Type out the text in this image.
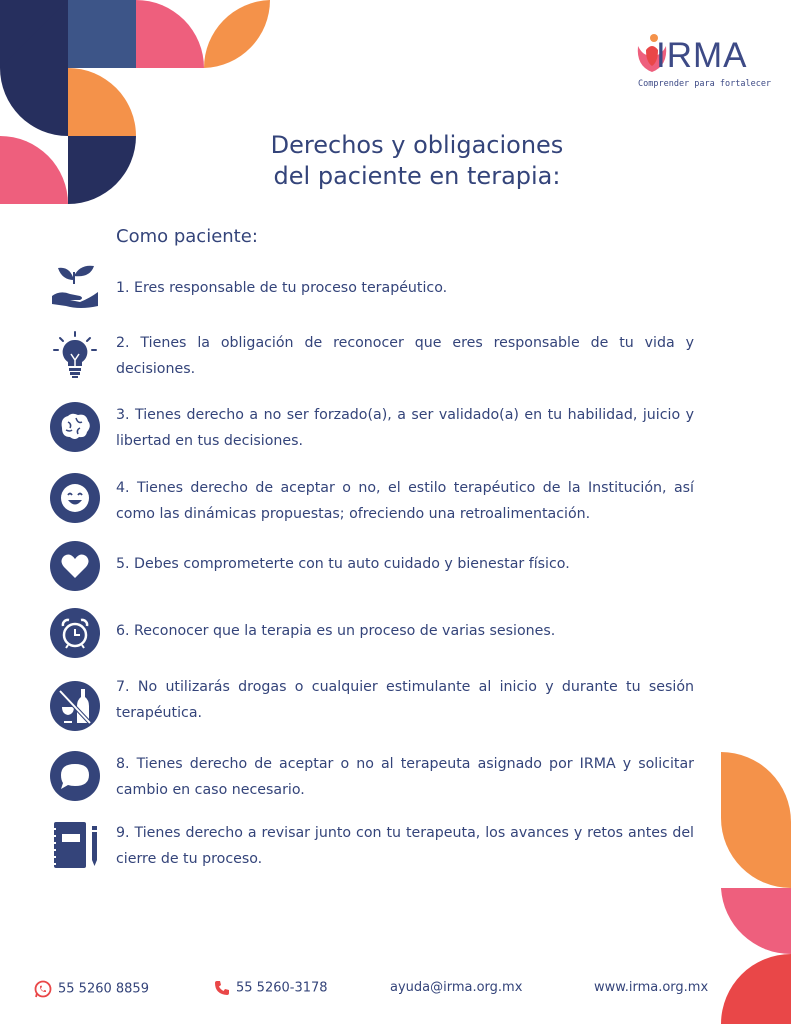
IRMA
Comprender para fortalecer
Derechos y obligaciones
del paciente en terapia:
Como paciente:
1. Eres responsable de tu proceso terapéutico.
2. Tienes la obligación de reconocer que eres responsable de tu vida y decisiones.
3. Tienes derecho a no ser forzado(a), a ser validado(a) en tu habilidad, juicio y libertad en tus decisiones.
4. Tienes derecho de aceptar o no, el estilo terapéutico de la Institución, así como las dinámicas propuestas; ofreciendo una retroalimentación.
5. Debes comprometerte con tu auto cuidado y bienestar físico.
6. Reconocer que la terapia es un proceso de varias sesiones.
7. No utilizarás drogas o cualquier estimulante al inicio y durante tu sesión terapéutica.
8. Tienes derecho de aceptar o no al terapeuta asignado por IRMA y solicitar cambio en caso necesario.
9. Tienes derecho a revisar junto con tu terapeuta, los avances y retos antes del cierre de tu proceso.
55 5260 8859	55 5260-3178	ayuda@irma.org.mx	www.irma.org.mx
